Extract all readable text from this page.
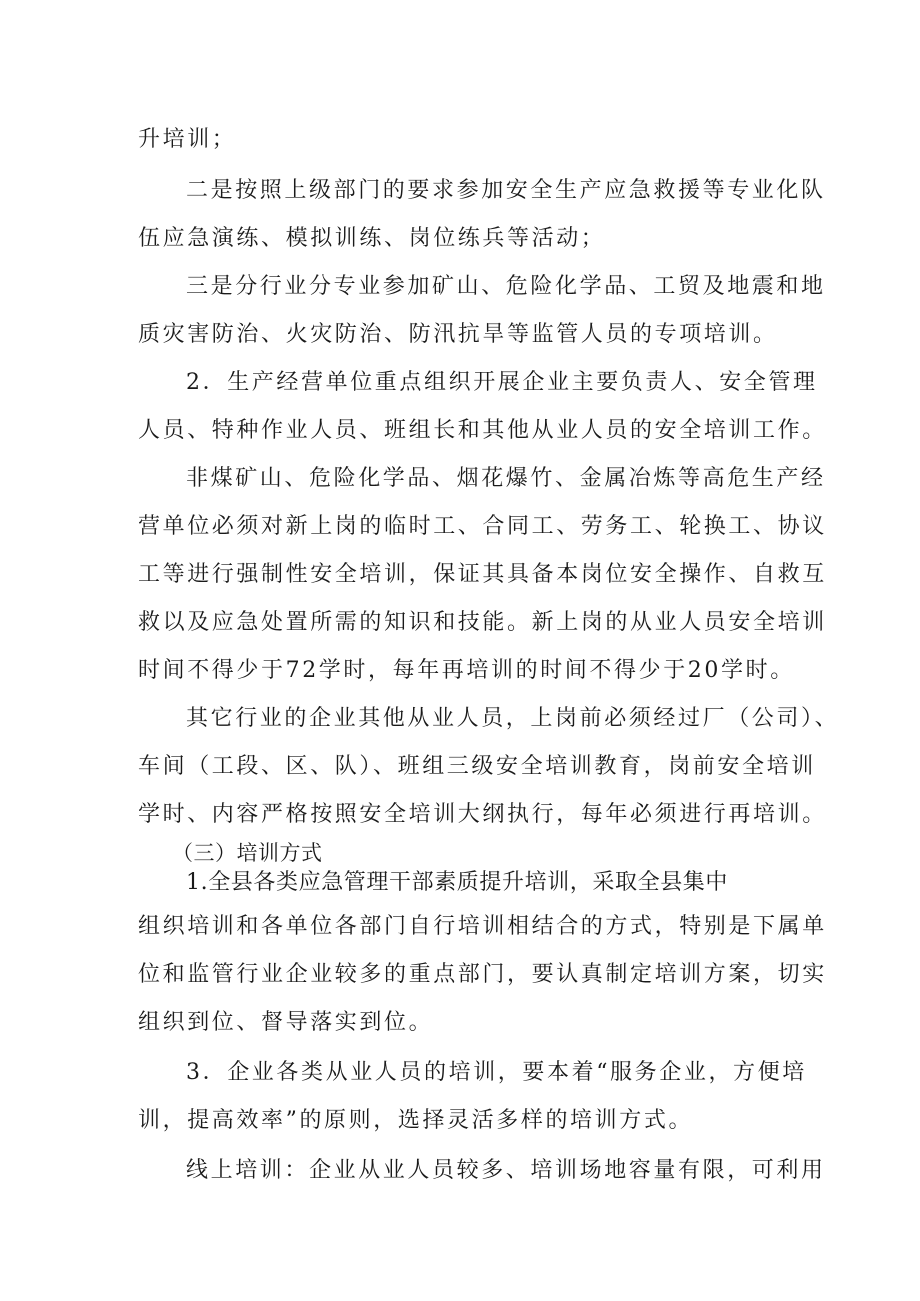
升培训；
二是按照上级部门的要求参加安全生产应急救援等专业化队
伍应急演练、模拟训练、岗位练兵等活动；
三是分行业分专业参加矿山、危险化学品、工贸及地震和地
质灾害防治、火灾防治、防汛抗旱等监管人员的专项培训。
2．生产经营单位重点组织开展企业主要负责人、安全管理
人员、特种作业人员、班组长和其他从业人员的安全培训工作。
非煤矿山、危险化学品、烟花爆竹、金属冶炼等高危生产经
营单位必须对新上岗的临时工、合同工、劳务工、轮换工、协议
工等进行强制性安全培训，保证其具备本岗位安全操作、自救互
救以及应急处置所需的知识和技能。新上岗的从业人员安全培训
时间不得少于72学时，每年再培训的时间不得少于20学时。
其它行业的企业其他从业人员，上岗前必须经过厂（公司）、
车间（工段、区、队）、班组三级安全培训教育，岗前安全培训
学时、内容严格按照安全培训大纲执行，每年必须进行再培训。
（三）培训方式
1.全县各类应急管理干部素质提升培训，采取全县集中
组织培训和各单位各部门自行培训相结合的方式，特别是下属单
位和监管行业企业较多的重点部门，要认真制定培训方案，切实
组织到位、督导落实到位。
3．企业各类从业人员的培训，要本着“服务企业，方便培
训，提高效率”的原则，选择灵活多样的培训方式。
线上培训：企业从业人员较多、培训场地容量有限，可利用
